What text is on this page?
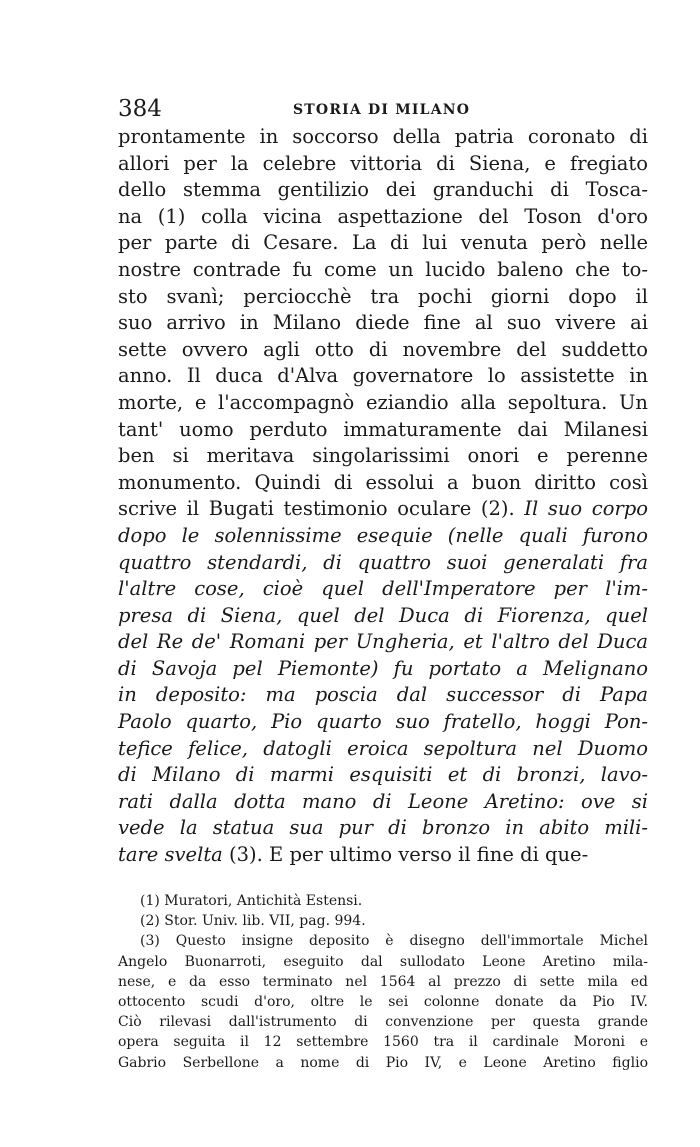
384	STORIA DI MILANO
prontamente in soccorso della patria coronato di
allori per la celebre vittoria di Siena, e fregiato
dello stemma gentilizio dei granduchi di Tosca-
na (1) colla vicina aspettazione del Toson d'oro
per parte di Cesare. La di lui venuta però nelle
nostre contrade fu come un lucido baleno che to-
sto svanì; perciocchè tra pochi giorni dopo il
suo arrivo in Milano diede fine al suo vivere ai
sette ovvero agli otto di novembre del suddetto
anno. Il duca d'Alva governatore lo assistette in
morte, e l'accompagnò eziandio alla sepoltura. Un
tant' uomo perduto immaturamente dai Milanesi
ben si meritava singolarissimi onori e perenne
monumento. Quindi di essolui a buon diritto così
scrive il Bugati testimonio oculare (2). Il suo corpo
dopo le solennissime esequie (nelle quali furono
quattro stendardi, di quattro suoi generalati fra
l'altre cose, cioè quel dell'Imperatore per l'im-
presa di Siena, quel del Duca di Fiorenza, quel
del Re de' Romani per Ungheria, et l'altro del Duca
di Savoja pel Piemonte) fu portato a Melignano
in deposito: ma poscia dal successor di Papa
Paolo quarto, Pio quarto suo fratello, hoggi Pon-
tefice felice, datogli eroica sepoltura nel Duomo
di Milano di marmi esquisiti et di bronzi, lavo-
rati dalla dotta mano di Leone Aretino: ove si
vede la statua sua pur di bronzo in abito mili-
tare svelta (3). E per ultimo verso il fine di que-
(1) Muratori, Antichità Estensi.
(2) Stor. Univ. lib. VII, pag. 994.
(3) Questo insigne deposito è disegno dell'immortale Michel
Angelo Buonarroti, eseguito dal sullodato Leone Aretino mila-
nese, e da esso terminato nel 1564 al prezzo di sette mila ed
ottocento scudi d'oro, oltre le sei colonne donate da Pio IV.
Ciò rilevasi dall'istrumento di convenzione per questa grande
opera seguita il 12 settembre 1560 tra il cardinale Moroni e
Gabrio Serbellone a nome di Pio IV, e Leone Aretino figlio
